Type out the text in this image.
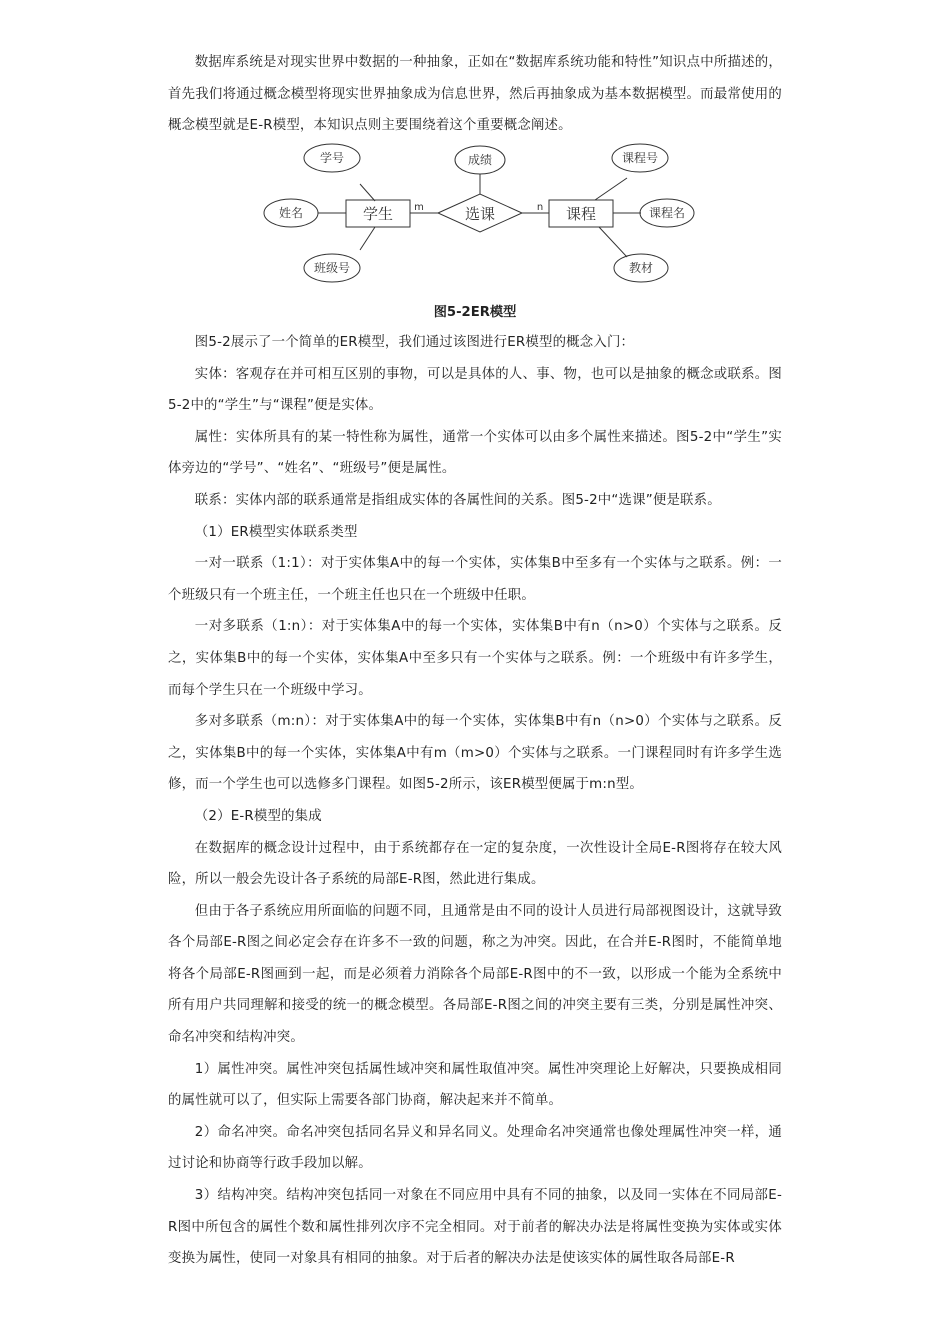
数据库系统是对现实世界中数据的一种抽象，正如在“数据库系统功能和特性”知识点中所描述的，首先我们将通过概念模型将现实世界抽象成为信息世界，然后再抽象成为基本数据模型。而最常使用的概念模型就是E-R模型，本知识点则主要围绕着这个重要概念阐述。

学生	课程
选课
m	n
学号
姓名
班级号
成绩	课程号
课程名
教材
图5-2ER模型

图5-2展示了一个简单的ER模型，我们通过该图进行ER模型的概念入门：

实体：客观存在并可相互区别的事物，可以是具体的人、事、物，也可以是抽象的概念或联系。图5-2中的“学生”与“课程”便是实体。

属性：实体所具有的某一特性称为属性，通常一个实体可以由多个属性来描述。图5-2中“学生”实体旁边的“学号”、“姓名”、“班级号”便是属性。

联系：实体内部的联系通常是指组成实体的各属性间的关系。图5-2中“选课”便是联系。

（1）ER模型实体联系类型

一对一联系（1:1）：对于实体集A中的每一个实体，实体集B中至多有一个实体与之联系。例：一个班级只有一个班主任，一个班主任也只在一个班级中任职。

一对多联系（1:n）：对于实体集A中的每一个实体，实体集B中有n（n>0）个实体与之联系。反之，实体集B中的每一个实体，实体集A中至多只有一个实体与之联系。例：一个班级中有许多学生，而每个学生只在一个班级中学习。

多对多联系（m:n）：对于实体集A中的每一个实体，实体集B中有n（n>0）个实体与之联系。反之，实体集B中的每一个实体，实体集A中有m（m>0）个实体与之联系。一门课程同时有许多学生选修，而一个学生也可以选修多门课程。如图5-2所示，该ER模型便属于m:n型。

（2）E-R模型的集成

在数据库的概念设计过程中，由于系统都存在一定的复杂度，一次性设计全局E-R图将存在较大风险，所以一般会先设计各子系统的局部E-R图，然此进行集成。

但由于各子系统应用所面临的问题不同，且通常是由不同的设计人员进行局部视图设计，这就导致各个局部E-R图之间必定会存在许多不一致的问题，称之为冲突。因此，在合并E-R图时，不能简单地将各个局部E-R图画到一起，而是必须着力消除各个局部E-R图中的不一致，以形成一个能为全系统中所有用户共同理解和接受的统一的概念模型。各局部E-R图之间的冲突主要有三类，分别是属性冲突、命名冲突和结构冲突。

1）属性冲突。属性冲突包括属性域冲突和属性取值冲突。属性冲突理论上好解决，只要换成相同的属性就可以了，但实际上需要各部门协商，解决起来并不简单。

2）命名冲突。命名冲突包括同名异义和异名同义。处理命名冲突通常也像处理属性冲突一样，通过讨论和协商等行政手段加以解。

3）结构冲突。结构冲突包括同一对象在不同应用中具有不同的抽象，以及同一实体在不同局部E-R图中所包含的属性个数和属性排列次序不完全相同。对于前者的解决办法是将属性变换为实体或实体变换为属性，使同一对象具有相同的抽象。对于后者的解决办法是使该实体的属性取各局部E-R
